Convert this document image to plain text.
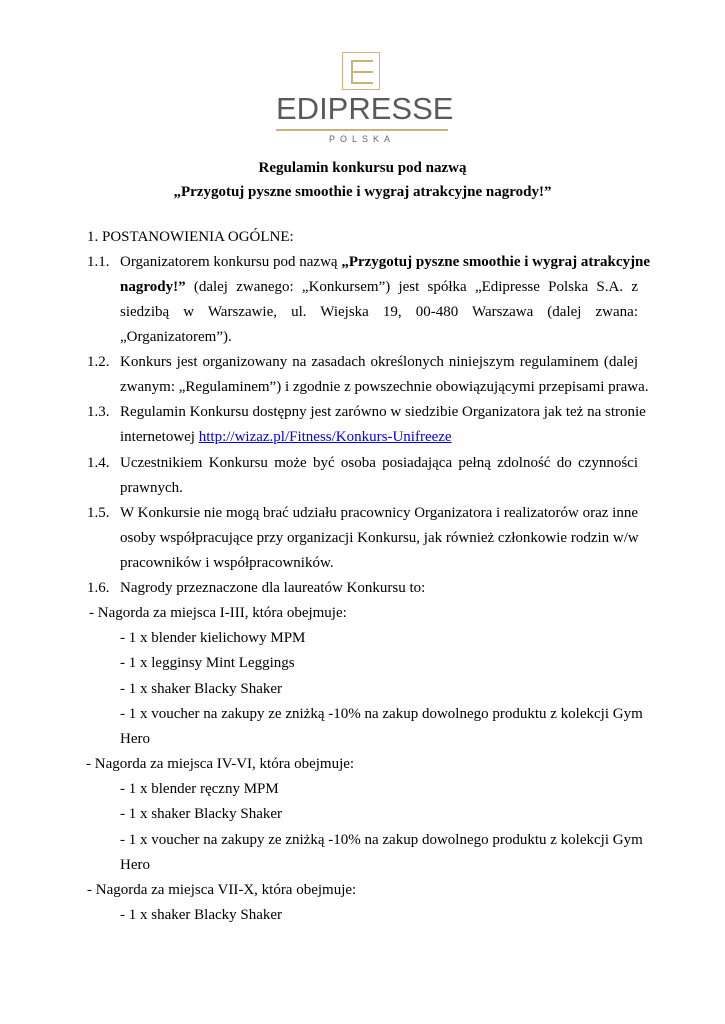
EDIPRESSE
POLSKA
Regulamin konkursu pod nazwą
„Przygotuj pyszne smoothie i wygraj atrakcyjne nagrody!”
1. POSTANOWIENIA OGÓLNE:
1.1. Organizatorem konkursu pod nazwą „Przygotuj pyszne smoothie i wygraj atrakcyjne
nagrody!” (dalej zwanego: „Konkursem”) jest spółka „Edipresse Polska S.A. z
siedzibą w Warszawie, ul. Wiejska 19, 00-480 Warszawa (dalej zwana:
„Organizatorem”).
1.2. Konkurs jest organizowany na zasadach określonych niniejszym regulaminem (dalej
zwanym: „Regulaminem”) i zgodnie z powszechnie obowiązującymi przepisami prawa.
1.3. Regulamin Konkursu dostępny jest zarówno w siedzibie Organizatora jak też na stronie
internetowej http://wizaz.pl/Fitness/Konkurs-Unifreeze
1.4. Uczestnikiem Konkursu może być osoba posiadająca pełną zdolność do czynności
prawnych.
1.5. W Konkursie nie mogą brać udziału pracownicy Organizatora i realizatorów oraz inne
osoby współpracujące przy organizacji Konkursu, jak również członkowie rodzin w/w
pracowników i współpracowników.
1.6. Nagrody przeznaczone dla laureatów Konkursu to:
- Nagorda za miejsca I-III, która obejmuje:
- 1 x blender kielichowy MPM
- 1 x legginsy Mint Leggings
- 1 x shaker Blacky Shaker
- 1 x voucher na zakupy ze zniżką -10% na zakup dowolnego produktu z kolekcji Gym
Hero
- Nagorda za miejsca IV-VI, która obejmuje:
- 1 x blender ręczny MPM
- 1 x shaker Blacky Shaker
- 1 x voucher na zakupy ze zniżką -10% na zakup dowolnego produktu z kolekcji Gym
Hero
- Nagorda za miejsca VII-X, która obejmuje:
- 1 x shaker Blacky Shaker
